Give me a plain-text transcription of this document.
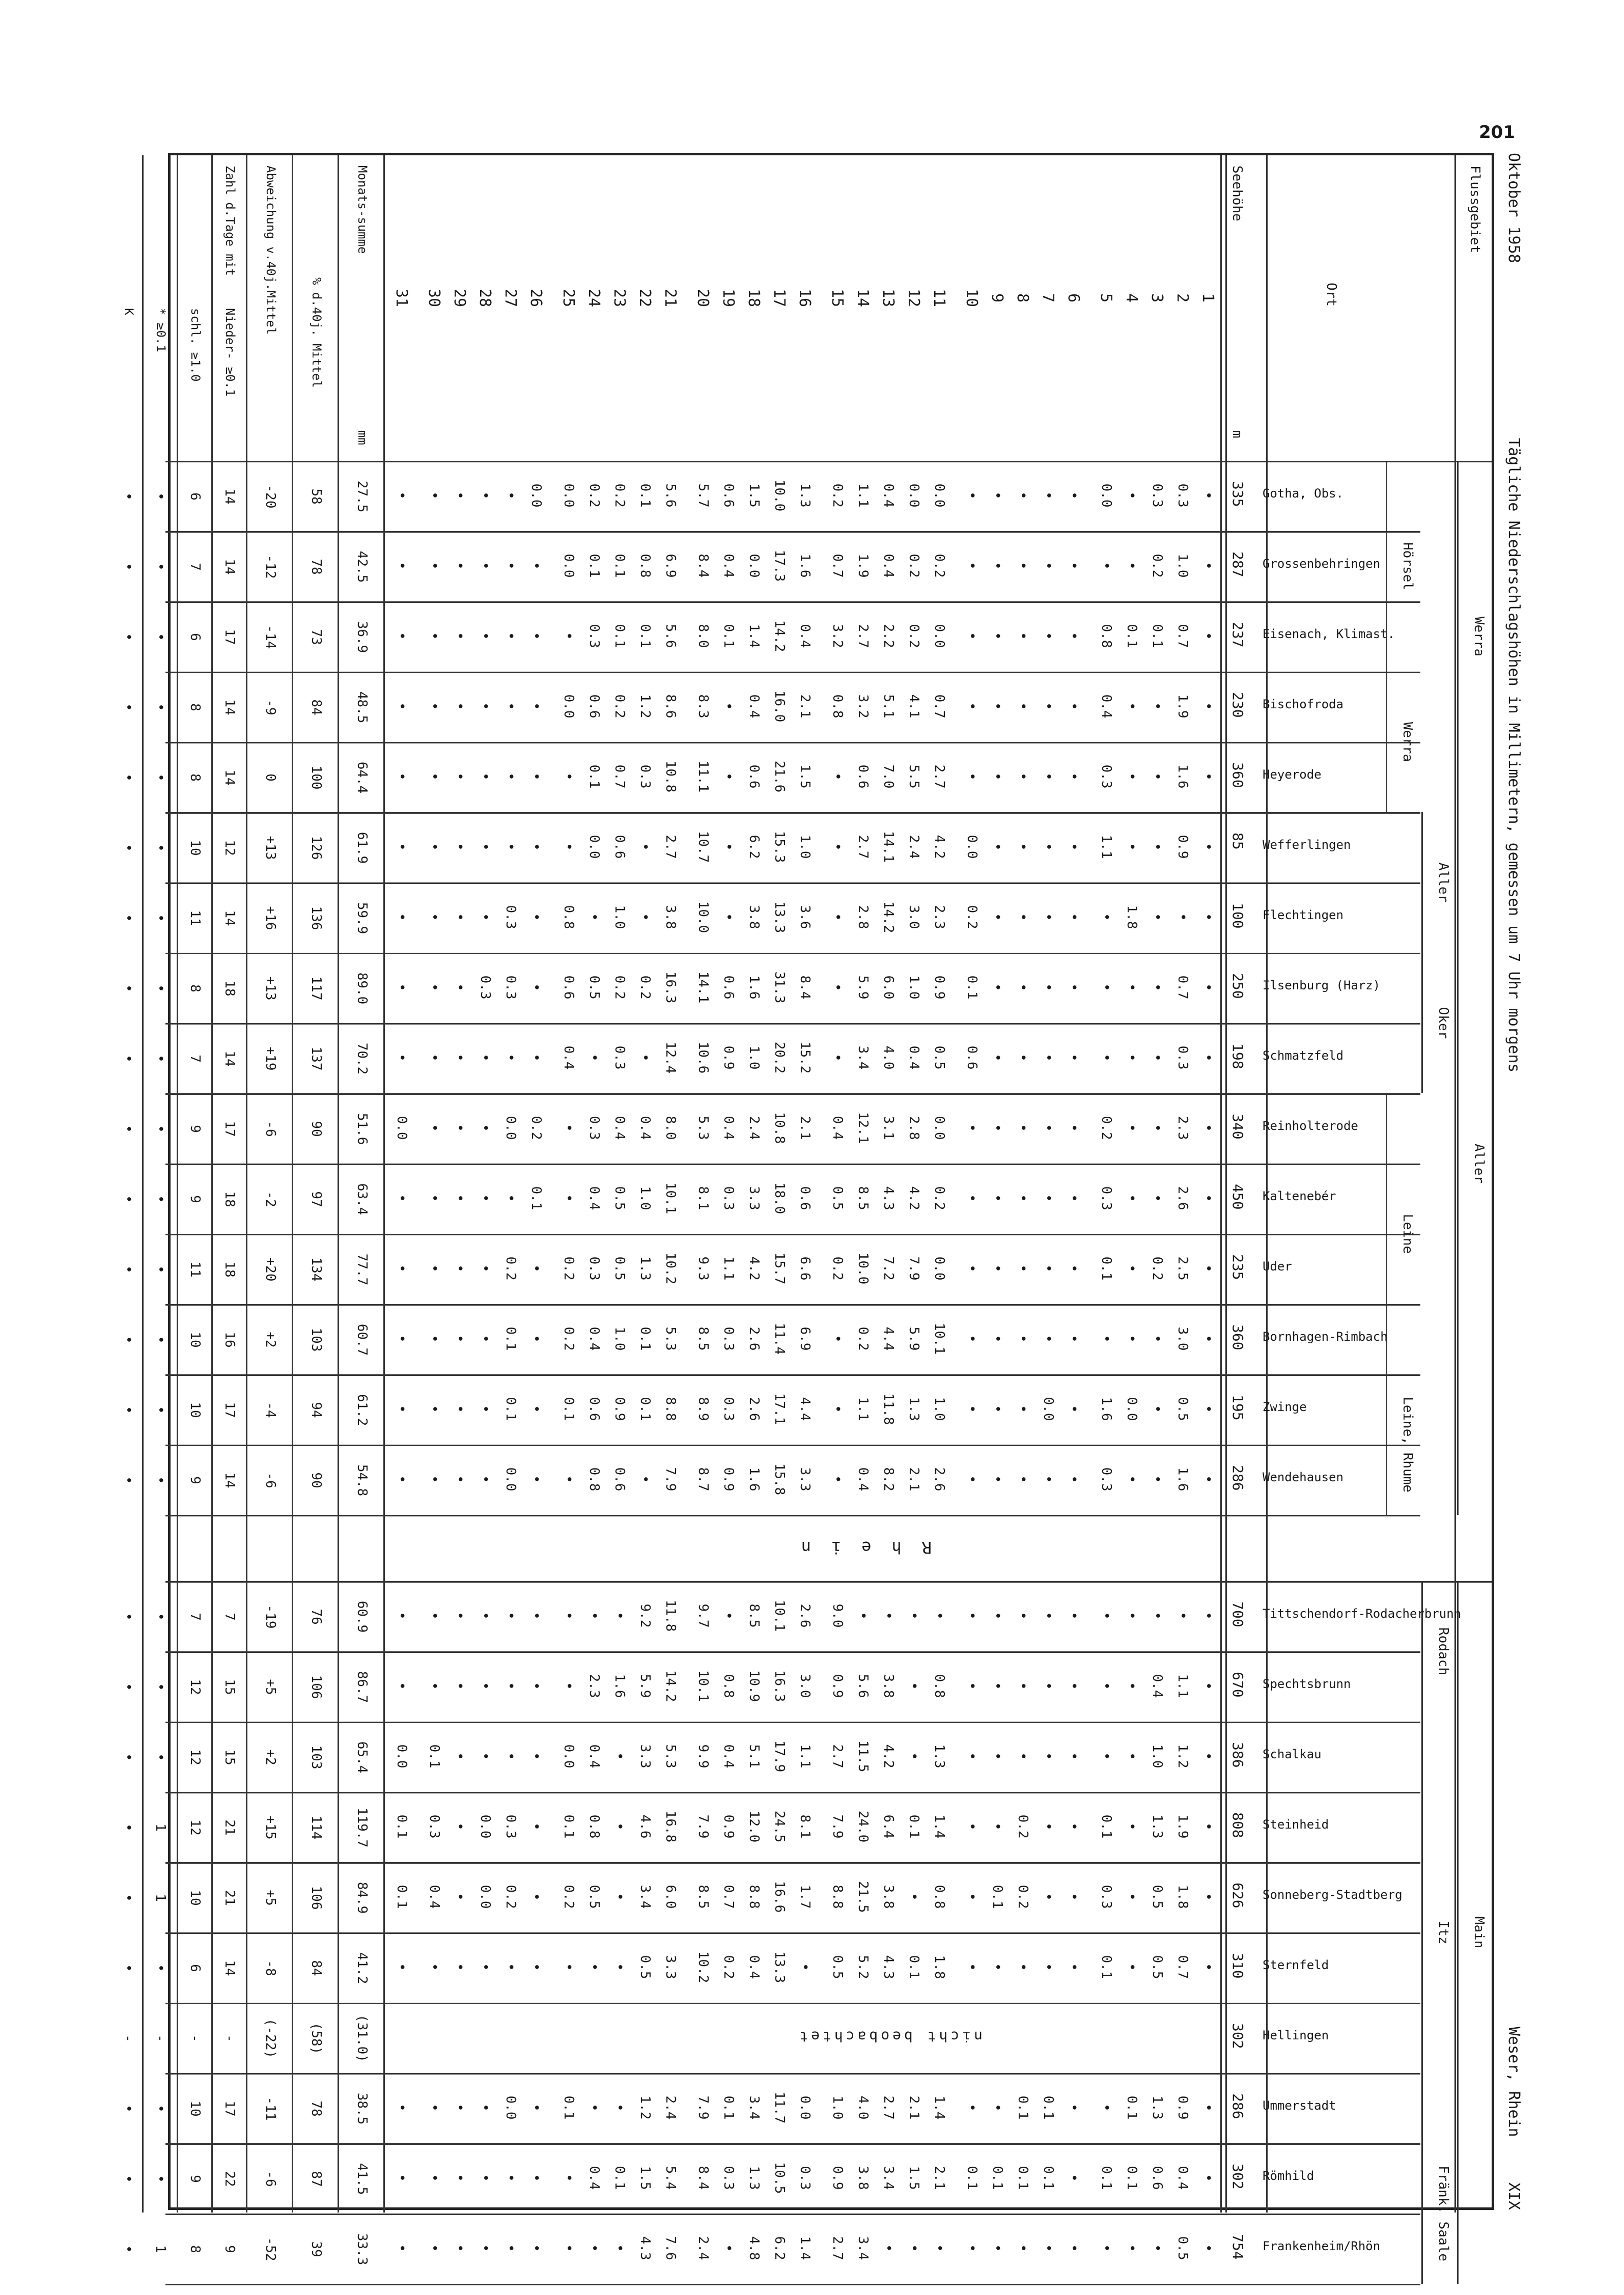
201
Oktober 1958
Tägliche Niederschlagshöhen in Millimetern, gemessen um 7 Uhr morgens
Weser, Rhein
XIX
Flussgebiet
Ort
Seehöhe
m
1
2
3
4
5
6
7
8
9
10
11
12
13
14
15
16
17
18
19
20
21
22
23
24
25
26
27
28
29
30
31
Monats-summe
mm
% d.40j. Mittel
Abweichung v.40j.Mittel
Zahl d.Tage mit
Nieder- ≥0.1
schl. ≥1.0
* ≥0.1
K
Werra
Hörsel
Werra
Aller
Aller
Oker
Leine
Leine, Rhume
Main
Rodach
Itz
Fränk. Saale
Rhein
Gotha, Obs.
335
Grossenbehringen
287
Eisenach, Klimast.
237
Bischofroda
230
Heyerode
360
Wefferlingen
85
Flechtingen
100
Ilsenburg (Harz)
250
Schmatzfeld
198
Reinholterode
340
Kaltenebér
450
Uder
235
Bornhagen-Rimbach
360
Zwinge
195
Wendehausen
286
Tittschendorf-Rodacherbrunn
700
Spechtsbrunn
670
Schalkau
386
Steinheid
808
Sonneberg-Stadtberg
626
Sternfeld
310
Hellingen
302
Ummerstadt
286
Römhild
302
Frankenheim/Rhön
754
•
0.3
0.3
•
0.0
•
•
•
•
•
0.0
0.0
0.4
1.1
0.2
1.3
10.0
1.5
0.6
5.7
5.6
0.1
0.2
0.2
0.0
0.0
•
•
•
•
•
•
1.0
0.2
•
•
•
•
•
•
•
0.2
0.2
0.4
1.9
0.7
1.6
17.3
0.0
0.4
8.4
6.9
0.8
0.1
0.1
0.0
•
•
•
•
•
•
•
0.7
0.1
0.1
0.8
•
•
•
•
•
0.0
0.2
2.2
2.7
3.2
0.4
14.2
1.4
0.1
8.0
5.6
0.1
0.1
0.3
•
•
•
•
•
•
•
•
1.9
•
•
0.4
•
•
•
•
•
0.7
4.1
5.1
3.2
0.8
2.1
16.0
0.4
•
8.3
8.6
1.2
0.2
0.6
0.0
•
•
•
•
•
•
•
1.6
•
•
0.3
•
•
•
•
•
2.7
5.5
7.0
0.6
•
1.5
21.6
0.6
•
11.1
10.8
0.3
0.7
0.1
•
•
•
•
•
•
•
•
0.9
•
•
1.1
•
•
•
•
0.0
4.2
2.4
14.1
2.7
•
1.0
15.3
6.2
•
10.7
2.7
•
0.6
0.0
•
•
•
•
•
•
•
•
•
•
1.8
•
•
•
•
•
0.2
2.3
3.0
14.2
2.8
•
3.6
13.3
3.8
•
10.0
3.8
•
1.0
•
0.8
•
0.3
•
•
•
•
•
0.7
•
•
•
•
•
•
•
0.1
0.9
1.0
6.0
5.9
•
8.4
31.3
1.6
0.6
14.1
16.3
0.2
0.2
0.5
0.6
•
0.3
0.3
•
•
•
•
0.3
•
•
•
•
•
•
•
0.6
0.5
0.4
4.0
3.4
•
15.2
20.2
1.0
0.9
10.6
12.4
•
0.3
•
0.4
•
•
•
•
•
•
•
2.3
•
•
0.2
•
•
•
•
•
0.0
2.8
3.1
12.1
0.4
2.1
10.8
2.4
0.4
5.3
8.0
0.4
0.4
0.3
•
0.2
0.0
•
•
•
0.0
•
2.6
•
•
0.3
•
•
•
•
•
0.2
4.2
4.3
8.5
0.5
0.6
18.0
3.3
0.3
8.1
10.1
1.0
0.5
0.4
•
0.1
•
•
•
•
•
•
2.5
0.2
•
0.1
•
•
•
•
•
0.0
7.9
7.2
10.0
0.2
6.6
15.7
4.2
1.1
9.3
10.2
1.3
0.5
0.3
0.2
•
0.2
•
•
•
•
•
3.0
•
•
•
•
•
•
•
•
10.1
5.9
4.4
0.2
•
6.9
11.4
2.6
0.3
8.5
5.3
0.1
1.0
0.4
0.2
•
0.1
•
•
•
•
•
0.5
•
0.0
1.6
•
0.0
•
•
•
1.0
1.3
11.8
1.1
•
4.4
17.1
2.6
0.3
8.9
8.8
0.1
0.9
0.6
0.1
•
0.1
•
•
•
•
•
1.6
•
•
0.3
•
•
•
•
•
2.6
2.1
8.2
0.4
•
3.3
15.8
1.6
0.9
8.7
7.9
•
0.6
0.8
•
•
0.0
•
•
•
•
•
•
•
•
•
•
•
•
•
•
•
•
•
•
9.0
2.6
10.1
8.5
•
9.7
11.8
9.2
•
•
•
•
•
•
•
•
•
•
1.1
0.4
•
•
•
•
•
•
•
0.8
•
3.8
5.6
0.9
3.0
16.3
10.9
0.8
10.1
14.2
5.9
1.6
2.3
•
•
•
•
•
•
•
•
1.2
1.0
•
•
•
•
•
•
•
1.3
•
4.2
11.5
2.7
1.1
17.9
5.1
0.4
9.9
5.3
3.3
•
0.4
0.0
•
•
•
•
0.1
0.0
•
1.9
1.3
•
0.1
•
•
0.2
•
•
1.4
0.1
6.4
24.0
7.9
8.1
24.5
12.0
0.9
7.9
16.8
4.6
•
0.8
0.1
•
0.3
0.0
•
0.3
0.1
•
1.8
0.5
•
0.3
•
•
0.2
0.1
•
0.8
•
3.8
21.5
8.8
1.7
16.6
8.8
0.7
8.5
6.0
3.4
•
0.5
0.2
•
0.2
0.0
•
0.4
0.1
•
0.7
0.5
•
0.1
•
•
•
•
•
1.8
0.1
4.3
5.2
0.5
•
13.3
0.4
0.2
10.2
3.3
0.5
•
•
•
•
•
•
•
•
•
•
0.9
1.3
0.1
•
•
0.1
0.1
•
•
1.4
2.1
2.7
4.0
1.0
0.0
11.7
3.4
0.1
7.9
2.4
1.2
•
•
0.1
•
0.0
•
•
•
•
•
0.4
0.6
0.1
0.1
•
0.1
0.1
0.1
0.1
2.1
1.5
3.4
3.8
0.9
0.3
10.5
1.3
0.3
8.4
5.4
1.5
0.1
0.4
•
•
•
•
•
•
•
•
0.5
•
•
•
•
•
•
•
•
•
•
•
3.4
2.7
1.4
6.2
4.8
•
2.4
7.6
4.3
•
•
•
•
•
•
•
•
•
nicht beobachtet
27.5
58
-20
14
6
•
•
42.5
78
-12
14
7
•
•
36.9
73
-14
17
6
•
•
48.5
84
-9
14
8
•
•
64.4
100
0
14
8
•
•
61.9
126
+13
12
10
•
•
59.9
136
+16
14
11
•
•
89.0
117
+13
18
8
•
•
70.2
137
+19
14
7
•
•
51.6
90
-6
17
9
•
•
63.4
97
-2
18
9
•
•
77.7
134
+20
18
11
•
•
60.7
103
+2
16
10
•
•
61.2
94
-4
17
10
•
•
54.8
90
-6
14
9
•
•
60.9
76
-19
7
7
•
•
86.7
106
+5
15
12
•
•
65.4
103
+2
15
12
•
•
119.7
114
+15
21
12
1
•
84.9
106
+5
21
10
1
•
41.2
84
-8
14
6
•
•
(31.0)
(58)
(-22)
-
-
-
-
38.5
78
-11
17
10
•
•
41.5
87
-6
22
9
•
•
33.3
39
-52
9
8
1
•
